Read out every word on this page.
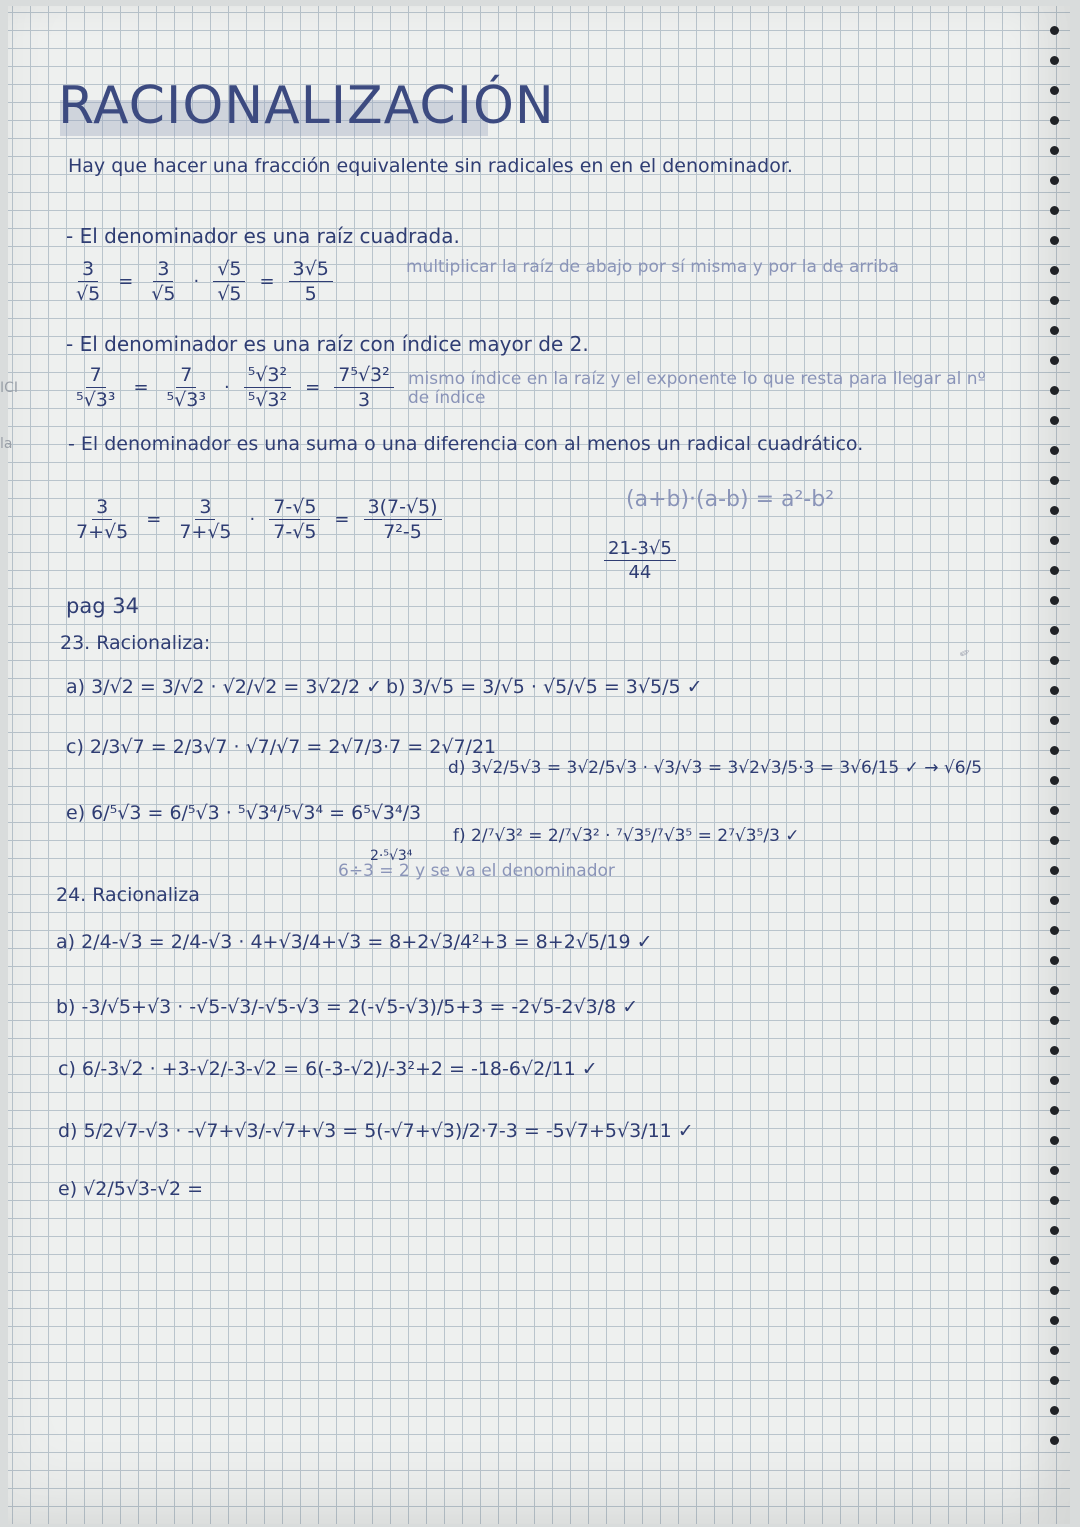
RACIONALIZACIÓN
Hay que hacer una fracción equivalente sin radicales en en el denominador.
- El denominador es una raíz cuadrada.
$\frac{3}{√5} = \frac{3}{√5} \cdot \frac{√5}{√5} = \frac{3√5}{5}$	multiplicar la raíz de abajo por sí misma y por la de arriba
- El denominador es una raíz con índice mayor de 2.
$\frac{7}{\text{⁵√3³}} = \frac{7}{\text{⁵√3³}} \cdot \frac{\text{⁵√3²}}{\text{⁵√3²}} = \frac{\text{7⁵√3²}}{3}$ mismo índice en la raíz y el exponente lo que resta para llegar al nº de índice
- El denominador es una suma o una diferencia con al menos un radical cuadrático.
$\frac{3}{7+√5} = \frac{3}{7+√5} \cdot \frac{7-√5}{7-√5} = \frac{3(7-√5)}{\text{7²-5}}$	(a+b)·(a-b) = a²-b²
$\frac{21-3√5}{44}$
pag 34
23. Racionaliza:
a) 3/√2 = 3/√2 · √2/√2 = 3√2/2 ✓ b) 3/√5 = 3/√5 · √5/√5 = 3√5/5 ✓
c) 2/3√7 = 2/3√7 · √7/√7 = 2√7/3·7 = 2√7/21
d) 3√2/5√3 = 3√2/5√3 · √3/√3 = 3√2√3/5·3 = 3√6/15 ✓ → √6/5
e) 6/⁵√3 = 6/⁵√3 · ⁵√3⁴/⁵√3⁴ = 6⁵√3⁴/3
f) 2/⁷√3² = 2/⁷√3² · ⁷√3⁵/⁷√3⁵ = 2⁷√3⁵/3 ✓
2·⁵√3⁴
6÷3 = 2 y se va el denominador
24. Racionaliza
a) 2/4-√3 = 2/4-√3 · 4+√3/4+√3 = 8+2√3/4²+3 = 8+2√5/19 ✓
b) -3/√5+√3 · -√5-√3/-√5-√3 = 2(-√5-√3)/5+3 = -2√5-2√3/8 ✓
c) 6/-3√2 · +3-√2/-3-√2 = 6(-3-√2)/-3²+2 = -18-6√2/11 ✓
d) 5/2√7-√3 · -√7+√3/-√7+√3 = 5(-√7+√3)/2·7-3 = -5√7+5√3/11 ✓
e) √2/5√3-√2 =
✎
ICI
la
